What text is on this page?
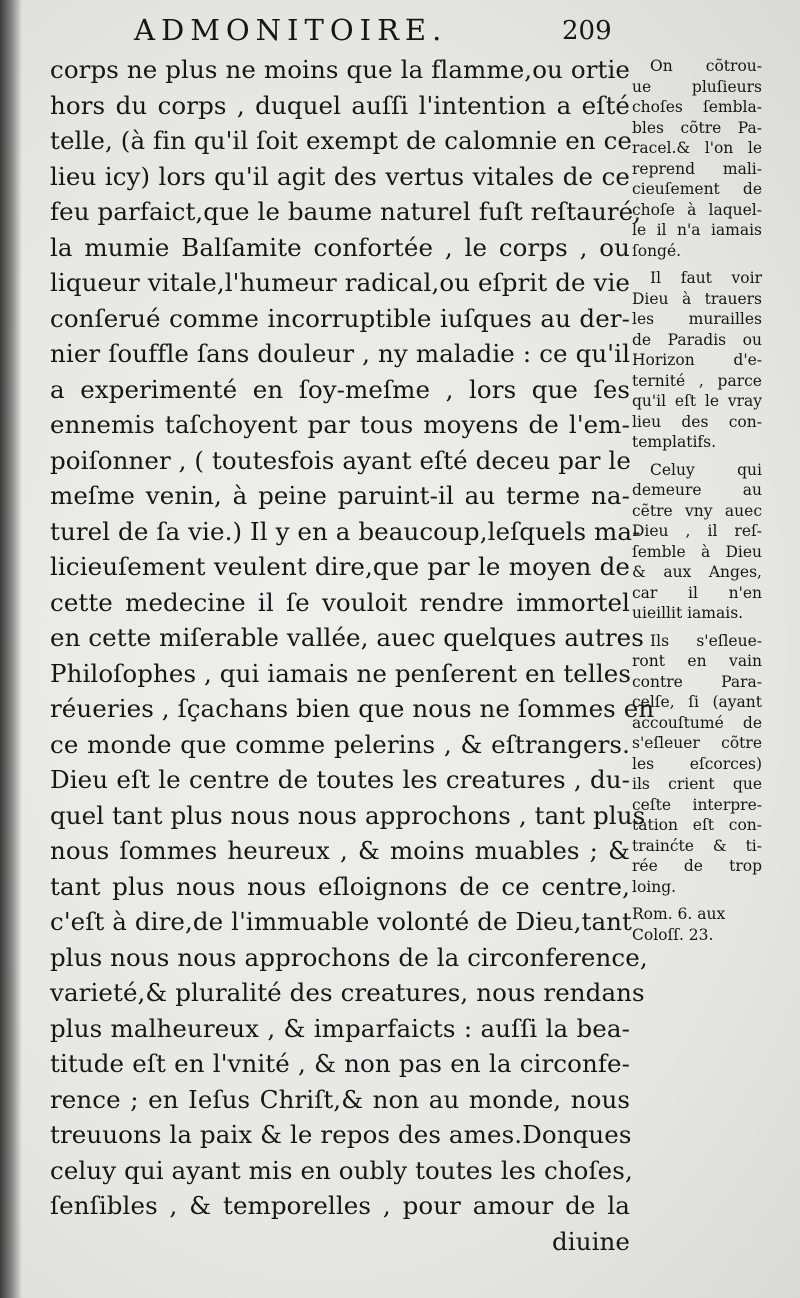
ADMONITOIRE.	209
corps ne plus ne moins que la flamme,ou ortie
hors du corps , duquel auſſi l'intention a eſté
telle, (à fin qu'il ſoit exempt de calomnie en ce
lieu icy) lors qu'il agit des vertus vitales de ce
feu parfaict,que le baume naturel fuſt reſtauré,
la mumie Balſamite confortée , le corps , ou
liqueur vitale,l'humeur radical,ou eſprit de vie
conſerué comme incorruptible iuſques au der-
nier ſouffle ſans douleur , ny maladie : ce qu'il
a experimenté en ſoy-meſme , lors que ſes
ennemis taſchoyent par tous moyens de l'em-
poiſonner , ( toutesfois ayant eſté deceu par le
meſme venin, à peine paruint-il au terme na-
turel de ſa vie.) Il y en a beaucoup,leſquels ma-
licieuſement veulent dire,que par le moyen de
cette medecine il ſe vouloit rendre immortel
en cette miſerable vallée, auec quelques autres
Philoſophes , qui iamais ne penſerent en telles
réueries , ſçachans bien que nous ne ſommes en
ce monde que comme pelerins , & eſtrangers.
Dieu eſt le centre de toutes les creatures , du-
quel tant plus nous nous approchons , tant plus
nous ſommes heureux , & moins muables ; &
tant plus nous nous eſloignons de ce centre,
c'eſt à dire,de l'immuable volonté de Dieu,tant
plus nous nous approchons de la circonference,
varieté,& pluralité des creatures, nous rendans
plus malheureux , & imparfaicts : auſſi la bea-
titude eſt en l'vnité , & non pas en la circonfe-
rence ; en Ieſus Chriſt,& non au monde, nous
treuuons la paix & le repos des ames.Donques
celuy qui ayant mis en oubly toutes les choſes,
ſenſibles , & temporelles , pour amour de la
diuine
On cõtrou-
ue pluſieurs
choſes ſembla-
bles cõtre Pa-
racel.& l'on le
reprend mali-
cieuſement de
choſe à laquel-
le il n'a iamais
ſongé.
Il faut voir
Dieu à trauers
les murailles
de Paradis ou
Horizon d'e-
ternité , parce
qu'il eſt le vray
lieu des con-
templatifs.
Celuy qui
demeure au
cẽtre vny auec
Dieu , il reſ-
ſemble à Dieu
& aux Anges,
car il n'en
uieillit iamais.
Ils s'eſleue-
ront en vain
contre Para-
celſe, ſi (ayant
accouſtumé de
s'eſleuer cõtre
les eſcorces)
ils crient que
ceſte interpre-
tation eſt con-
trainćte & ti-
rée de trop
loing.
Rom. 6. aux
Coloſſ. 23.
